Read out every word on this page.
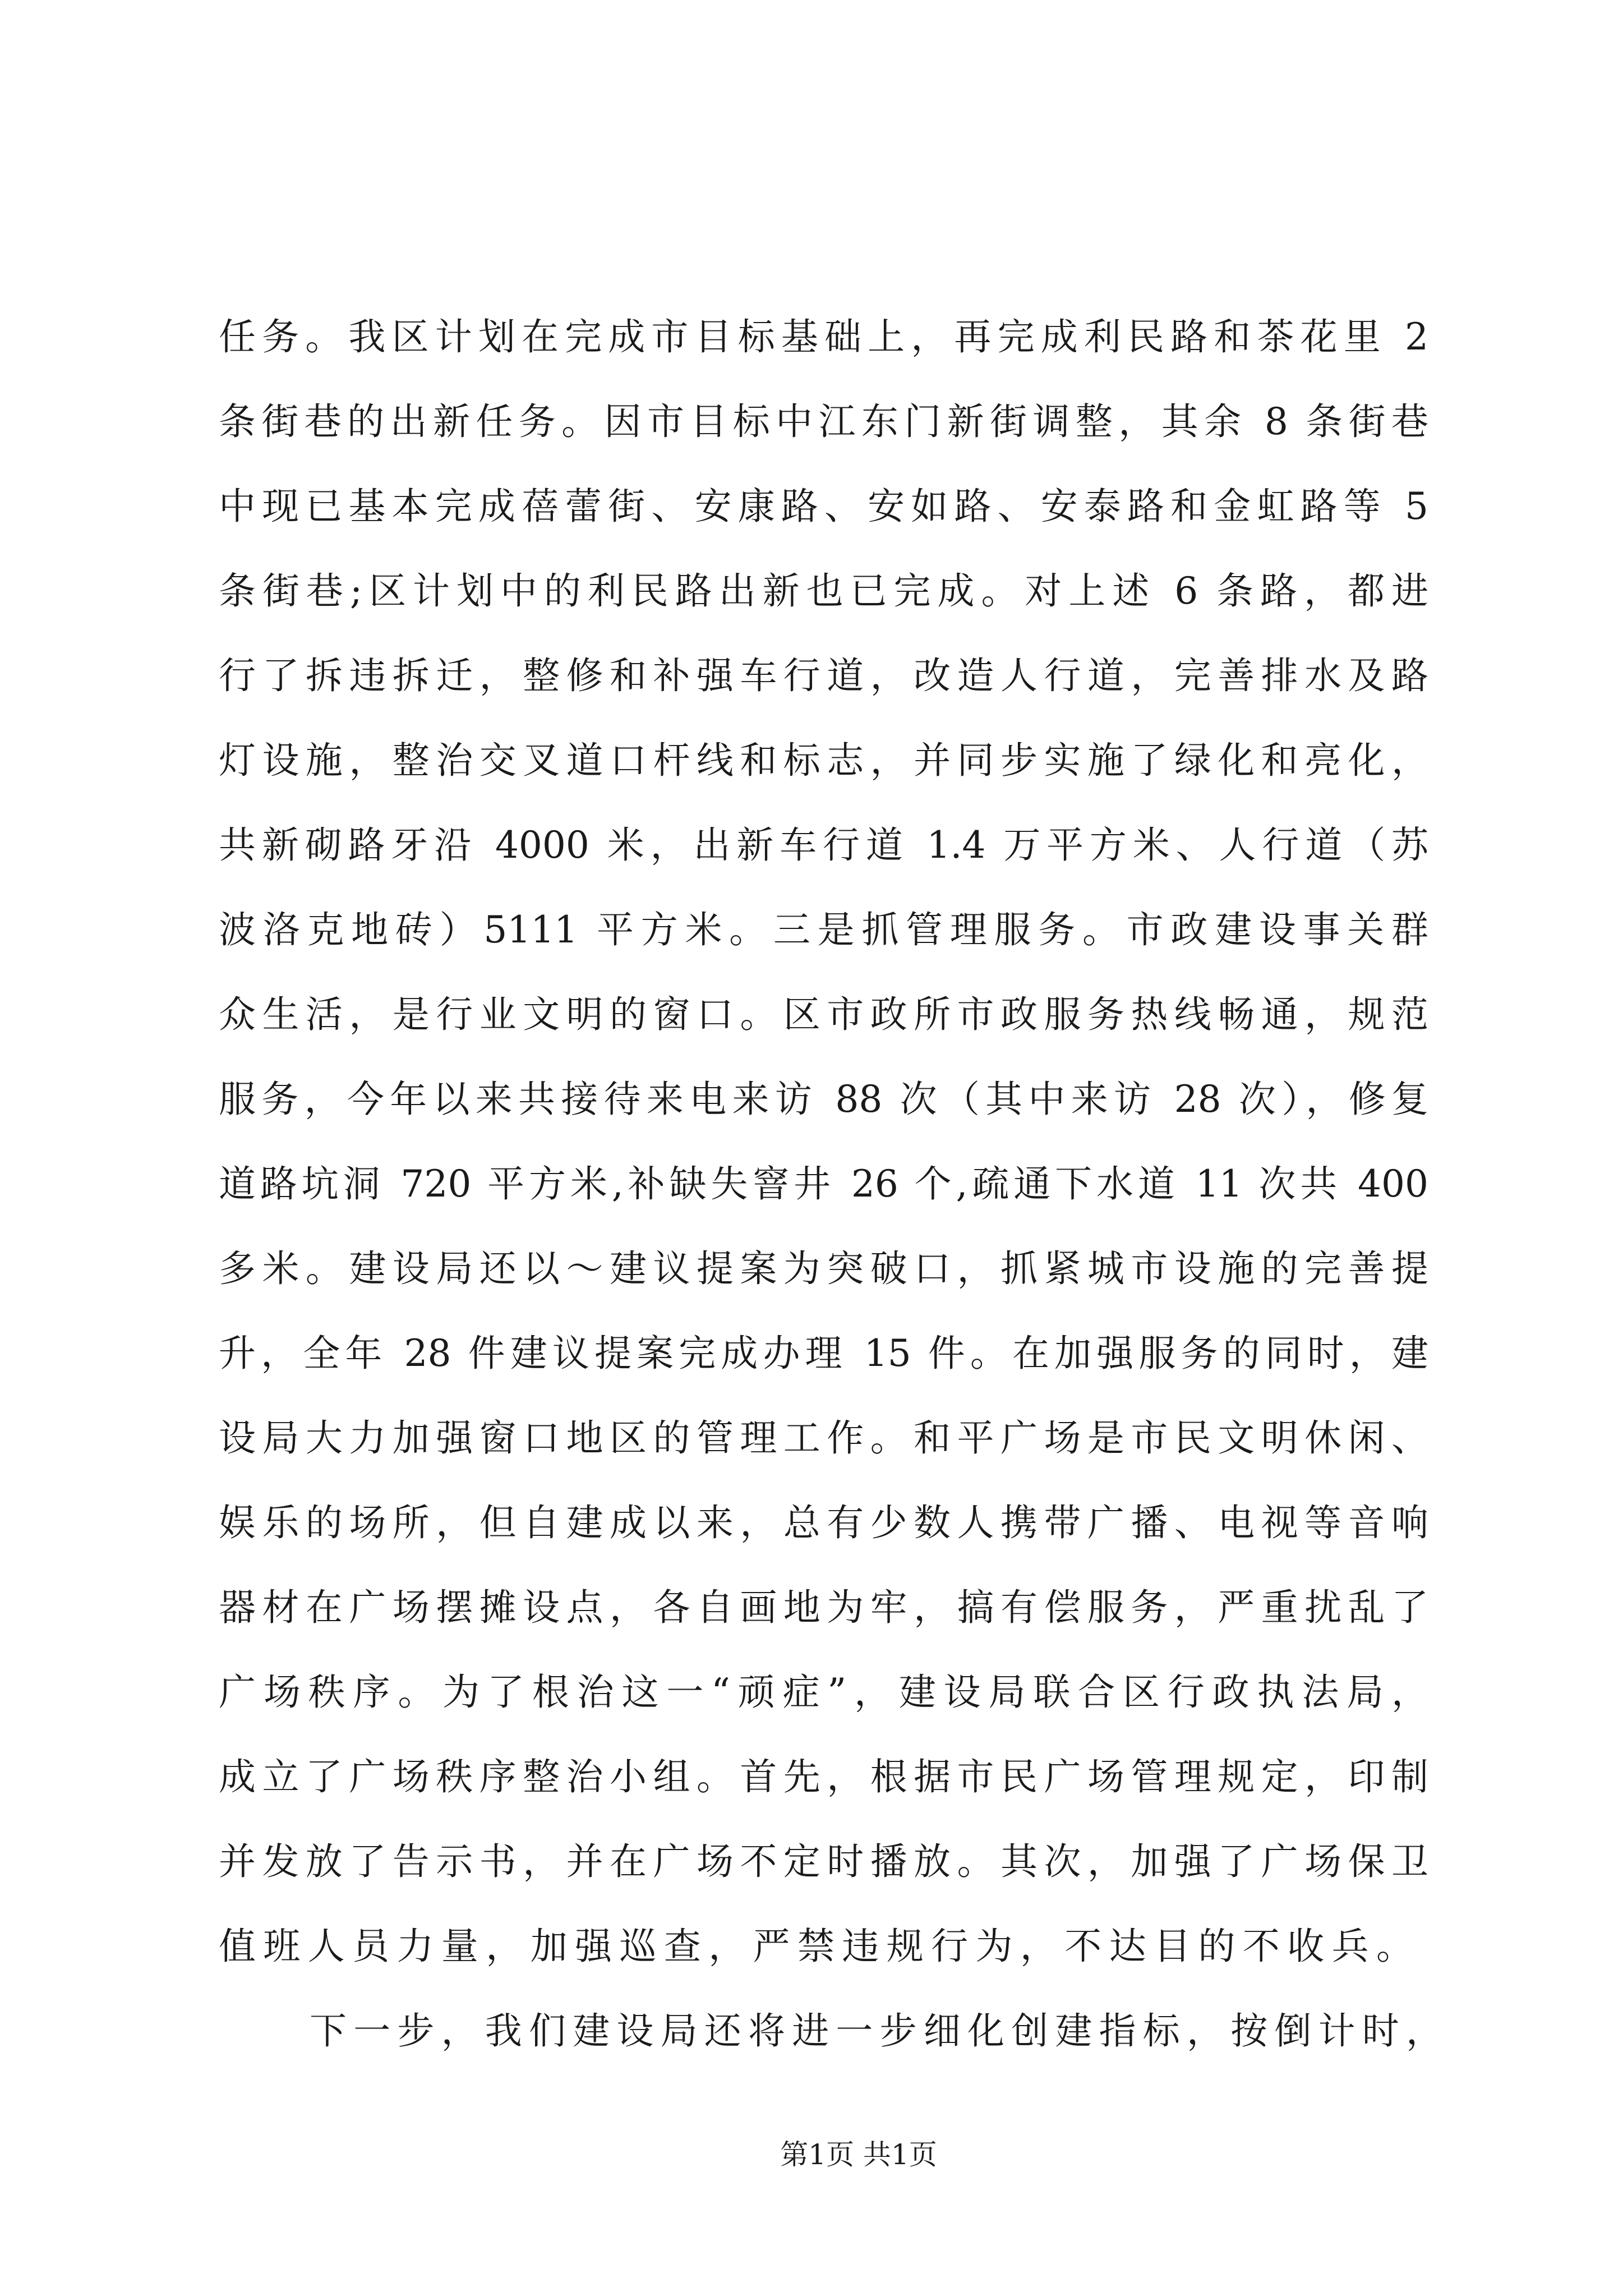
任务。我区计划在完成市目标基础上，再完成利民路和茶花里 2
条街巷的出新任务。因市目标中江东门新街调整，其余 8 条街巷
中现已基本完成蓓蕾街、安康路、安如路、安泰路和金虹路等 5
条街巷;区计划中的利民路出新也已完成。对上述 6 条路，都进
行了拆违拆迁，整修和补强车行道，改造人行道，完善排水及路
灯设施，整治交叉道口杆线和标志，并同步实施了绿化和亮化，
共新砌路牙沿 4000 米，出新车行道 1.4 万平方米、人行道（苏
波洛克地砖）5111 平方米。三是抓管理服务。市政建设事关群
众生活，是行业文明的窗口。区市政所市政服务热线畅通，规范
服务，今年以来共接待来电来访 88 次（其中来访 28 次），修复
道路坑洞 720 平方米,补缺失窨井 26 个,疏通下水道 11 次共 400
多米。建设局还以～建议提案为突破口，抓紧城市设施的完善提
升，全年 28 件建议提案完成办理 15 件。在加强服务的同时，建
设局大力加强窗口地区的管理工作。和平广场是市民文明休闲、
娱乐的场所，但自建成以来，总有少数人携带广播、电视等音响
器材在广场摆摊设点，各自画地为牢，搞有偿服务，严重扰乱了
广场秩序。为了根治这一“顽症”，建设局联合区行政执法局，
成立了广场秩序整治小组。首先，根据市民广场管理规定，印制
并发放了告示书，并在广场不定时播放。其次，加强了广场保卫
值班人员力量，加强巡查，严禁违规行为，不达目的不收兵。
下一步，我们建设局还将进一步细化创建指标，按倒计时，
第1页 共1页
